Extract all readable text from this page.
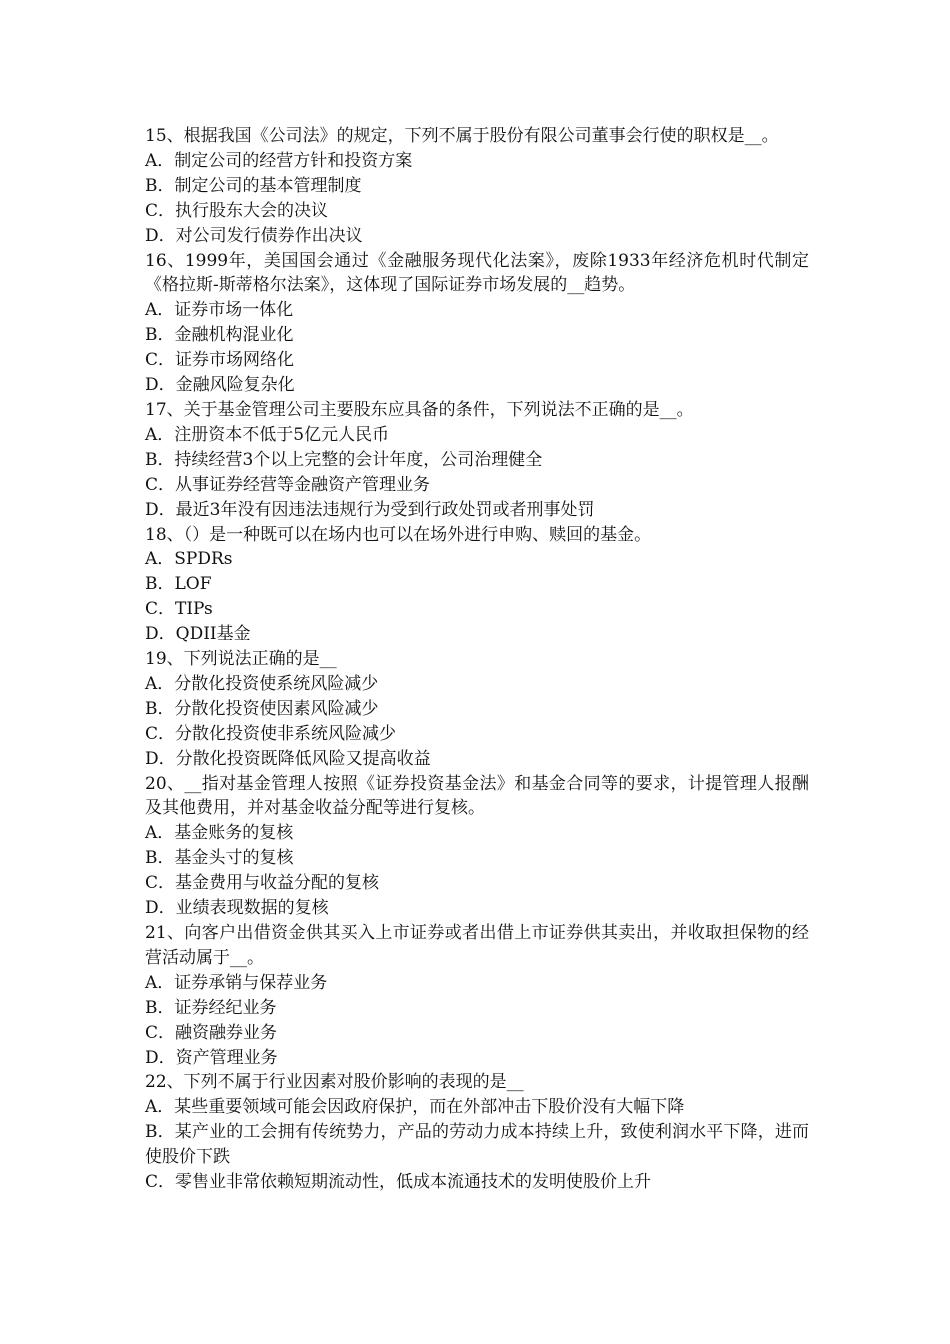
15、根据我国《公司法》的规定，下列不属于股份有限公司董事会行使的职权是__。

A．制定公司的经营方针和投资方案

B．制定公司的基本管理制度

C．执行股东大会的决议

D．对公司发行债券作出决议

16、1999年，美国国会通过《金融服务现代化法案》，废除1933年经济危机时代制定《格拉斯-斯蒂格尔法案》，这体现了国际证券市场发展的__趋势。

A．证券市场一体化

B．金融机构混业化

C．证券市场网络化

D．金融风险复杂化

17、关于基金管理公司主要股东应具备的条件，下列说法不正确的是__。

A．注册资本不低于5亿元人民币

B．持续经营3个以上完整的会计年度，公司治理健全

C．从事证券经营等金融资产管理业务

D．最近3年没有因违法违规行为受到行政处罚或者刑事处罚

18、（）是一种既可以在场内也可以在场外进行申购、赎回的基金。

A．SPDRs

B．LOF

C．TIPs

D．QDII基金

19、下列说法正确的是__

A．分散化投资使系统风险减少

B．分散化投资使因素风险减少

C．分散化投资使非系统风险减少

D．分散化投资既降低风险又提高收益

20、__指对基金管理人按照《证券投资基金法》和基金合同等的要求，计提管理人报酬及其他费用，并对基金收益分配等进行复核。

A．基金账务的复核

B．基金头寸的复核

C．基金费用与收益分配的复核

D．业绩表现数据的复核

21、向客户出借资金供其买入上市证券或者出借上市证券供其卖出，并收取担保物的经营活动属于__。

A．证券承销与保荐业务

B．证券经纪业务

C．融资融券业务

D．资产管理业务

22、下列不属于行业因素对股价影响的表现的是__

A．某些重要领域可能会因政府保护，而在外部冲击下股价没有大幅下降

B．某产业的工会拥有传统势力，产品的劳动力成本持续上升，致使利润水平下降，进而使股价下跌

C．零售业非常依赖短期流动性，低成本流通技术的发明使股价上升
